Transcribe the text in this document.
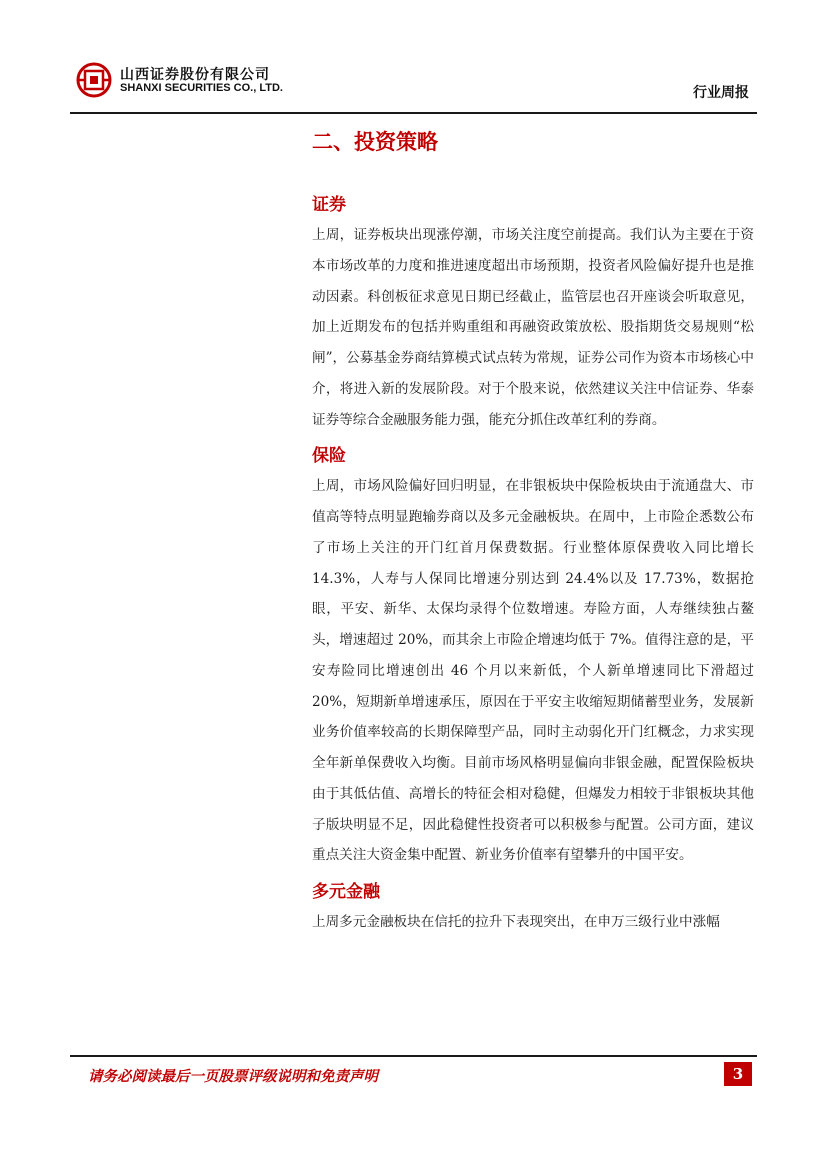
山西证券股份有限公司
SHANXI SECURITIES CO., LTD.	行业周报
二、投资策略
证券

上周，证券板块出现涨停潮，市场关注度空前提高。我们认为主要在于资本市场改革的力度和推进速度超出市场预期，投资者风险偏好提升也是推动因素。科创板征求意见日期已经截止，监管层也召开座谈会听取意见，加上近期发布的包括并购重组和再融资政策放松、股指期货交易规则“松闸”，公募基金券商结算模式试点转为常规，证券公司作为资本市场核心中介，将进入新的发展阶段。对于个股来说，依然建议关注中信证券、华泰证券等综合金融服务能力强，能充分抓住改革红利的券商。

保险

上周，市场风险偏好回归明显，在非银板块中保险板块由于流通盘大、市值高等特点明显跑输券商以及多元金融板块。在周中，上市险企悉数公布了市场上关注的开门红首月保费数据。行业整体原保费收入同比增长 14.3%，人寿与人保同比增速分别达到 24.4%以及 17.73%，数据抢眼，平安、新华、太保均录得个位数增速。寿险方面，人寿继续独占鳌头，增速超过 20%，而其余上市险企增速均低于 7%。值得注意的是，平安寿险同比增速创出 46 个月以来新低，个人新单增速同比下滑超过 20%，短期新单增速承压，原因在于平安主收缩短期储蓄型业务，发展新业务价值率较高的长期保障型产品，同时主动弱化开门红概念，力求实现全年新单保费收入均衡。目前市场风格明显偏向非银金融，配置保险板块由于其低估值、高增长的特征会相对稳健，但爆发力相较于非银板块其他子版块明显不足，因此稳健性投资者可以积极参与配置。公司方面，建议重点关注大资金集中配置、新业务价值率有望攀升的中国平安。

多元金融

上周多元金融板块在信托的拉升下表现突出，在申万三级行业中涨幅

请务必阅读最后一页股票评级说明和免责声明	3
